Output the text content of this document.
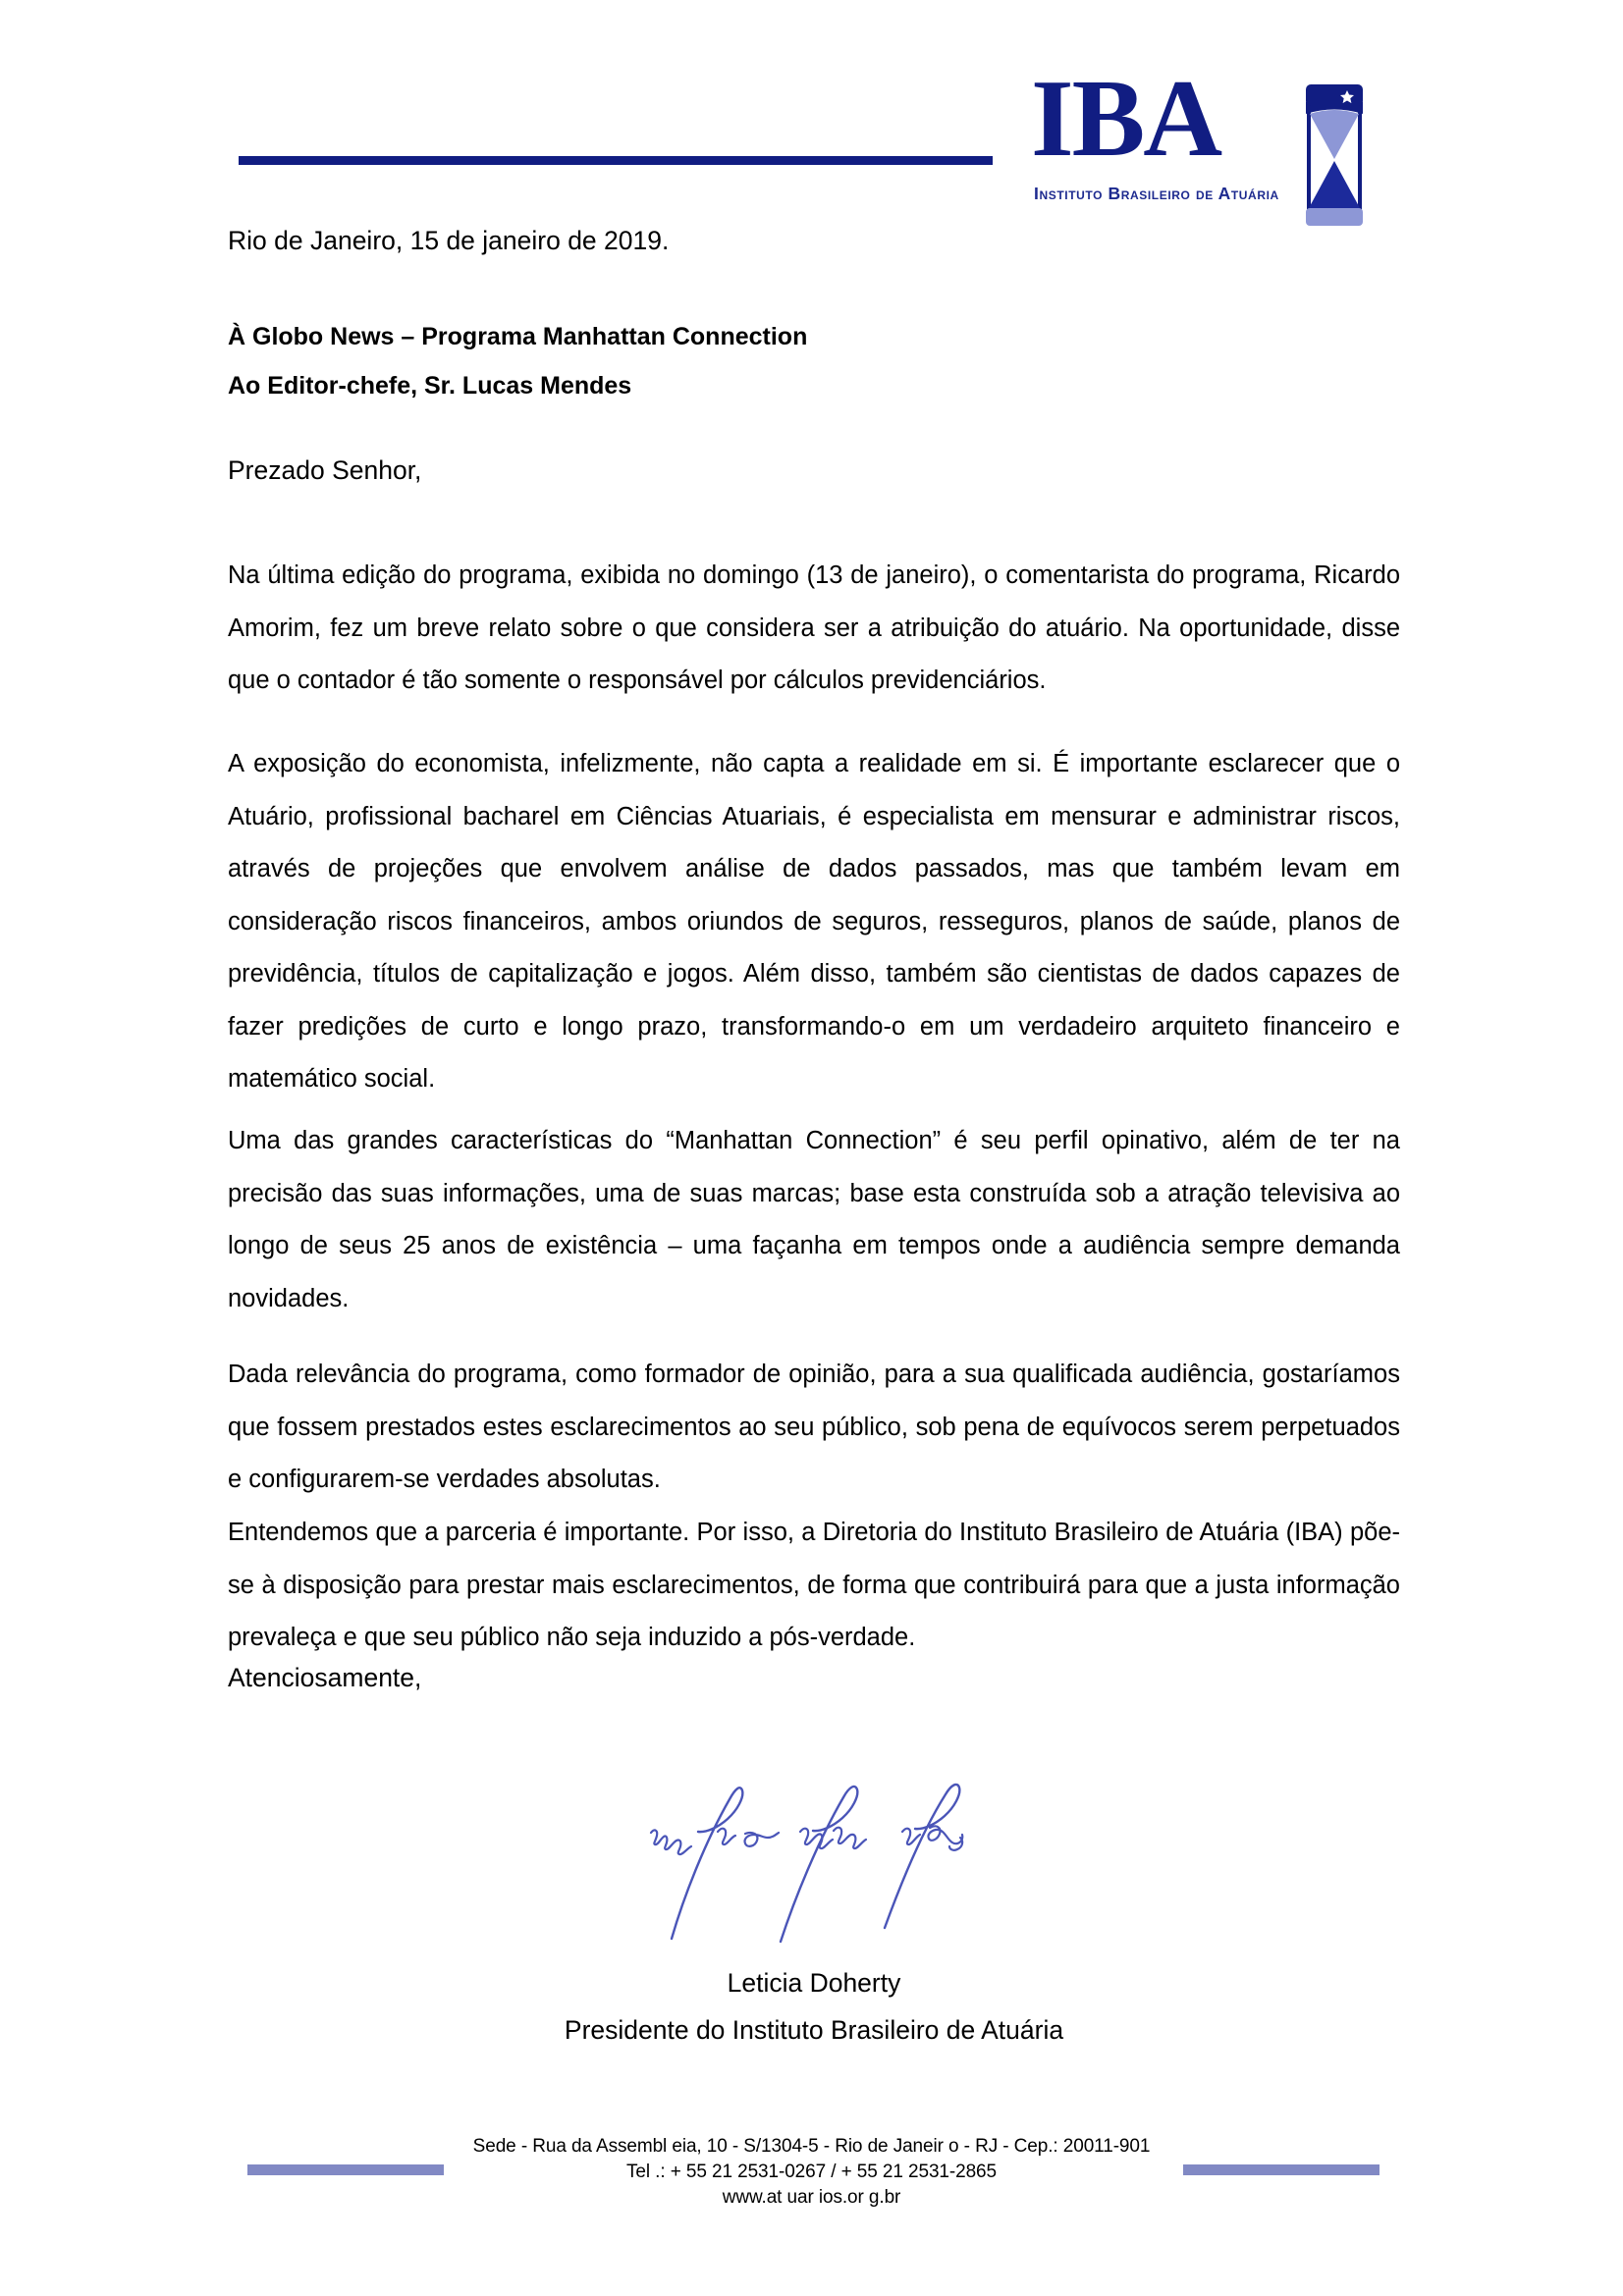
IBA
Instituto Brasileiro de Atuária
Rio de Janeiro, 15 de janeiro de 2019.
À Globo News – Programa Manhattan Connection
Ao Editor-chefe, Sr. Lucas Mendes
Prezado Senhor,
Na última edição do programa, exibida no domingo (13 de janeiro), o comentarista do programa, Ricardo Amorim, fez um breve relato sobre o que considera ser a atribuição do atuário. Na oportunidade, disse que o contador é tão somente o responsável por cálculos previdenciários.
A exposição do economista, infelizmente, não capta a realidade em si. É importante esclarecer que o Atuário, profissional bacharel em Ciências Atuariais, é especialista em mensurar e administrar riscos, através de projeções que envolvem análise de dados passados, mas que também levam em consideração riscos financeiros, ambos oriundos de seguros, resseguros, planos de saúde, planos de previdência, títulos de capitalização e jogos. Além disso, também são cientistas de dados capazes de fazer predições de curto e longo prazo, transformando-o em um verdadeiro arquiteto financeiro e matemático social.
Uma das grandes características do “Manhattan Connection” é seu perfil opinativo, além de ter na precisão das suas informações, uma de suas marcas; base esta construída sob a atração televisiva ao longo de seus 25 anos de existência – uma façanha em tempos onde a audiência sempre demanda novidades.
Dada relevância do programa, como formador de opinião, para a sua qualificada audiência, gostaríamos que fossem prestados estes esclarecimentos ao seu público, sob pena de equívocos serem perpetuados e configurarem-se verdades absolutas.
Entendemos que a parceria é importante. Por isso, a Diretoria do Instituto Brasileiro de Atuária (IBA) põe-se à disposição para prestar mais esclarecimentos, de forma que contribuirá para que a justa informação prevaleça e que seu público não seja induzido a pós-verdade.
Atenciosamente,
Leticia Doherty
Presidente do Instituto Brasileiro de Atuária
Sede - Rua da Assembl eia, 10 - S/1304-5 - Rio de Janeir o - RJ - Cep.: 20011-901
Tel .: + 55 21 2531-0267 / + 55 21 2531-2865
www.at uar ios.or g.br
